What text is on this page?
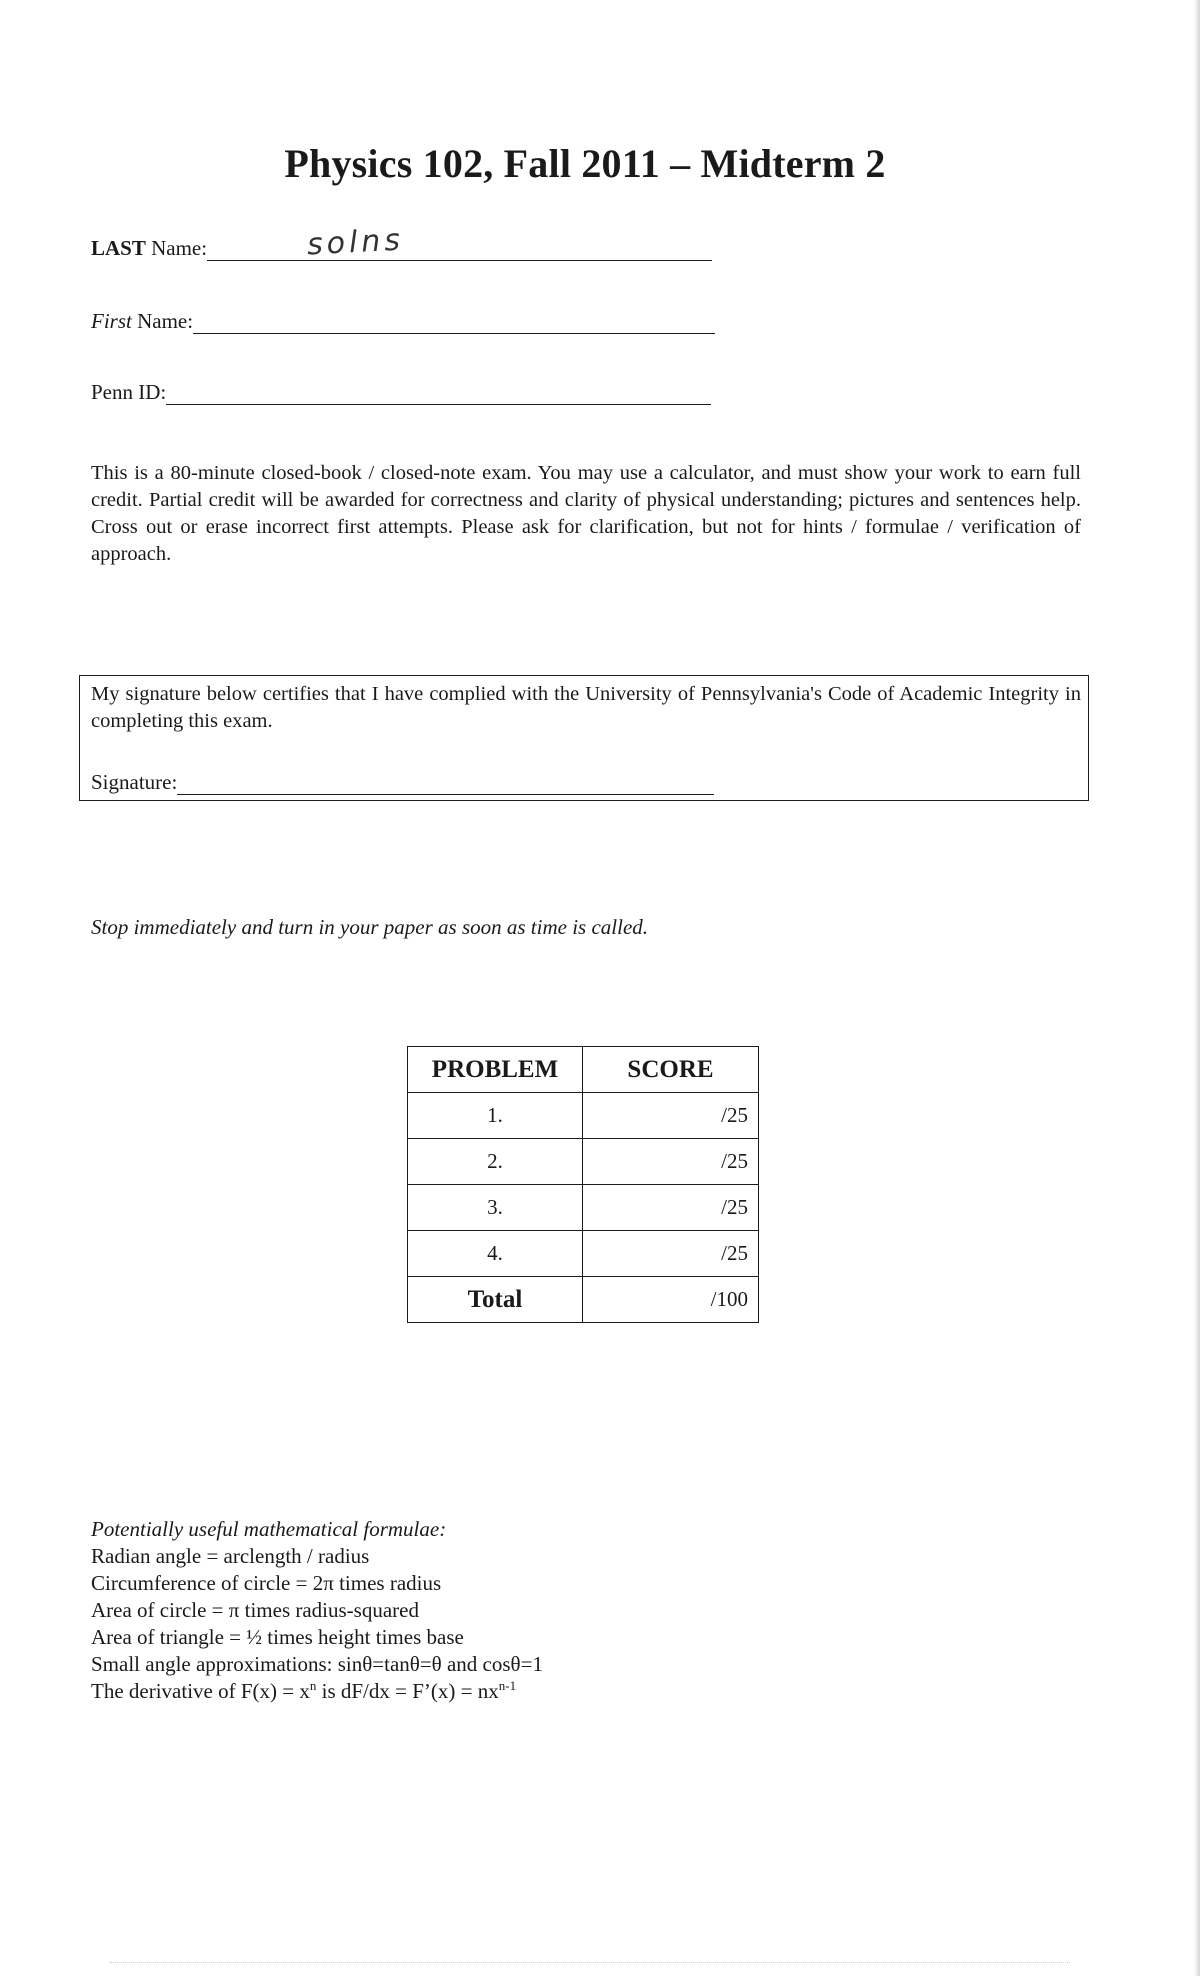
Physics 102, Fall 2011 – Midterm 2
LAST Name:	solns
First Name:
Penn ID:
This is a 80-minute closed-book / closed-note exam. You may use a calculator, and must show your work to earn full credit. Partial credit will be awarded for correctness and clarity of physical understanding; pictures and sentences help. Cross out or erase incorrect first attempts. Please ask for clarification, but not for hints / formulae / verification of approach.
My signature below certifies that I have complied with the University of Pennsylvania's Code of Academic Integrity in completing this exam.
Signature:
Stop immediately and turn in your paper as soon as time is called.
PROBLEM	SCORE
1.	/25
2.	/25
3.	/25
4.	/25
Total	/100
Potentially useful mathematical formulae:
Radian angle = arclength / radius
Circumference of circle = 2π times radius
Area of circle = π times radius-squared
Area of triangle = ½ times height times base
Small angle approximations: sinθ=tanθ=θ and cosθ=1
The derivative of $F(x) = x^n$ is dF/dx = F’(x) = $nx^{n-1}$
